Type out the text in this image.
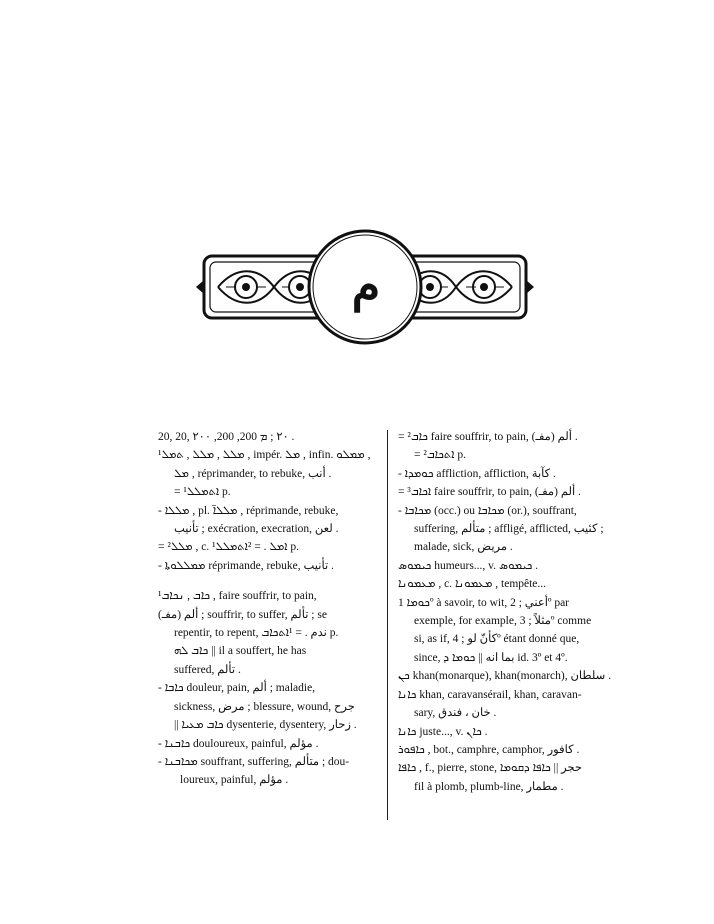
م
20, 20, ٢٠ ; ܡ 200, 200, ٢٠٠ .
¹ܡܠܠ , ܡܠܠ , ܬܡܠ , impér. ܡܠ , infin. ܡܡܠܘ ,
ܡܠ , réprimander, to rebuke, أنب .
= ¹ܐܬܡܠܠ p.
- ܡܠܠܐ , pl. ܡܠܠܐ̈ , réprimande, rebuke,
تأنيب ; exécration, execration, لعن .
= ²ܡܠܠ , c. ¹ܐܡܠ . = ²ܐܬܡܠܠ p.
- ܡܡܠܠܘܬܐ réprimande, rebuke, تأنيب .
¹ܟܐܒ , ܢܟܐܒ , faire souffrir, to pain,
(مفـ) ألم ; souffrir, to suffer, تألم ; se
repentir, to repent, ندم . = ¹ܐܬܟܐܒ p.
ܟܐܒ ܠܗ || il a souffert, he has
suffered, تألم .
- ܟܐܒܐ douleur, pain, ألم ; maladie,
sickness, مرض ; blessure, wound, جرح
|| ܟܐܒ ܡܥܝܐ dysenterie, dysentery, زحار .
- ܟܐܒܢܐ douloureux, painful, مؤلم .
- ܡܟܐܒܢܐ souffrant, suffering, متألم ; dou-
loureux, painful, مؤلم .
= ²ܟܐܒ faire souffrir, to pain, (مفـ) ألم .
= ²ܐܬܟܐܒ p.
- ܟܘܡܕܐ affliction, affliction, كآبة .
= ³ܐܟܐܒ faire souffrir, to pain, (مفـ) ألم .
- ܡܟܐܒܐ (occ.) ou ܡܟܐܒܐ (or.), souffrant,
suffering, متألم ; affligé, afflicted, كئيب ;
malade, sick, مريض .
ܟܝܡܘܣ humeurs..., v. ܟܝܡܘܣ .
ܡܥܡܘܢܐ , c. ܡܥܡܘܢܐ , tempête...
ܟܘܡܐ 1º à savoir, to wit, أعني ; 2º par
exemple, for example, مثلاً ; 3º comme
si, as if, كأنّ لو ; 4º étant donné que,
since, بما انه || ܟܘܡܐ ܕ id. 3º et 4º.
ܟܢ khan(monarque), khan(monarch), سلطان .
ܟܐܢܐ khan, caravansérail, khan, caravan-
sary, خان ، فندق .
ܟܐܢܐ juste..., v. ܟܐܢ .
ܟܐܦܘܪ , bot., camphre, camphor, كافور .
ܟܐܦܐ , f., pierre, stone, حجر || ܟܐܦܐ ܕܩܘܡܐ
fil à plomb, plumb-line, مطمار .
